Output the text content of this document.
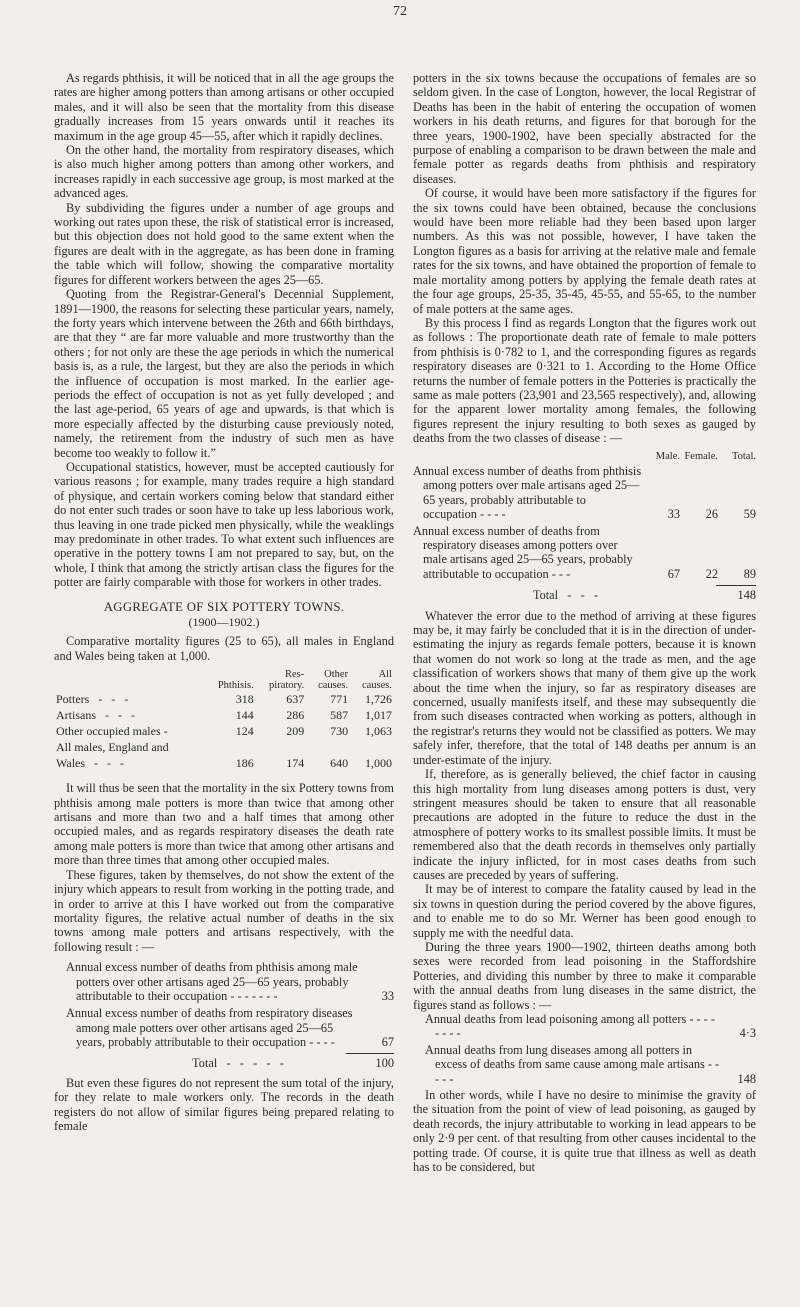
72

As regards phthisis, it will be noticed that in all the age groups the rates are higher among potters than among artisans or other occupied males, and it will also be seen that the mortality from this disease gradually increases from 15 years onwards until it reaches its maximum in the age group 45—55, after which it rapidly declines.

On the other hand, the mortality from respiratory diseases, which is also much higher among potters than among other workers, and increases rapidly in each successive age group, is most marked at the advanced ages.

By subdividing the figures under a number of age groups and working out rates upon these, the risk of statistical error is increased, but this objection does not hold good to the same extent when the figures are dealt with in the aggregate, as has been done in framing the table which will follow, showing the comparative mortality figures for different workers between the ages 25—65.

Quoting from the Registrar-General's Decennial Supplement, 1891—1900, the reasons for selecting these particular years, namely, the forty years which intervene between the 26th and 66th birthdays, are that they “ are far more valuable and more trustworthy than the others ; for not only are these the age periods in which the numerical basis is, as a rule, the largest, but they are also the periods in which the influence of occupation is most marked. In the earlier age-periods the effect of occupation is not as yet fully developed ; and the last age-period, 65 years of age and upwards, is that which is more especially affected by the disturbing cause previously noted, namely, the retirement from the industry of such men as have become too weakly to follow it.”

Occupational statistics, however, must be accepted cautiously for various reasons ; for example, many trades require a high standard of physique, and certain workers coming below that standard either do not enter such trades or soon have to take up less laborious work, thus leaving in one trade picked men physically, while the weaklings may predominate in other trades. To what extent such influences are operative in the pottery towns I am not prepared to say, but, on the whole, I think that among the strictly artisan class the figures for the potter are fairly comparable with those for workers in other trades.

AGGREGATE OF SIX POTTERY TOWNS.
(1900—1902.)

Comparative mortality figures (25 to 65), all males in England and Wales being taken at 1,000.

	Phthisis.	Res-
piratory.	Other
causes.	All
causes.
Potters   -   -   -	318	637	771	1,726
Artisans   -   -   -	144	286	587	1,017
Other occupied males -	124	209	730	1,063
All males, England and				
Wales   -   -   -	186	174	640	1,000

It will thus be seen that the mortality in the six Pottery towns from phthisis among male potters is more than twice that among other artisans and more than two and a half times that among other occupied males, and as regards respiratory diseases the death rate among male potters is more than twice that among other artisans and more than three times that among other occupied males.

These figures, taken by themselves, do not show the extent of the injury which appears to result from working in the potting trade, and in order to arrive at this I have worked out from the comparative mortality figures, the relative actual number of deaths in the six towns among male potters and artisans respectively, with the following result : —

Annual excess number of deaths from phthisis among male potters over other artisans aged 25—65 years, probably attributable to their occupation - - - - - - -	33
Annual excess number of deaths from respiratory diseases among male potters over other artisans aged 25—65 years, probably attributable to their occupation - - - -	67
Total   -   -   -   -   -	100

But even these figures do not represent the sum total of the injury, for they relate to male workers only. The records in the death registers do not allow of similar figures being prepared relating to female

potters in the six towns because the occupations of females are so seldom given. In the case of Longton, however, the local Registrar of Deaths has been in the habit of entering the occupation of women workers in his death returns, and figures for that borough for the three years, 1900-1902, have been specially abstracted for the purpose of enabling a comparison to be drawn between the male and female potter as regards deaths from phthisis and respiratory diseases.

Of course, it would have been more satisfactory if the figures for the six towns could have been obtained, because the conclusions would have been more reliable had they been based upon larger numbers. As this was not possible, however, I have taken the Longton figures as a basis for arriving at the relative male and female rates for the six towns, and have obtained the proportion of female to male mortality among potters by applying the female death rates at the four age groups, 25-35, 35-45, 45-55, and 55-65, to the number of male potters at the same ages.

By this process I find as regards Longton that the figures work out as follows : The proportionate death rate of female to male potters from phthisis is 0·782 to 1, and the corresponding figures as regards respiratory diseases are 0·321 to 1. According to the Home Office returns the number of female potters in the Potteries is practically the same as male potters (23,901 and 23,565 respectively), and, allowing for the apparent lower mortality among females, the following figures represent the injury resulting to both sexes as gauged by deaths from the two classes of disease : —

Male. Female.	Total.
Annual excess number of deaths from phthisis among potters over male artisans aged 25—65 years, probably attributable to occupation - - - -	33	26	59
Annual excess number of deaths from respiratory diseases among potters over male artisans aged 25—65 years, probably attributable to occupation - - -	67	22	89
Total   -   -   -	148

Whatever the error due to the method of arriving at these figures may be, it may fairly be concluded that it is in the direction of under-estimating the injury as regards female potters, because it is known that women do not work so long at the trade as men, and the age classification of workers shows that many of them give up the work about the time when the injury, so far as respiratory diseases are concerned, usually manifests itself, and these may subsequently die from such diseases contracted when working as potters, although in the registrar's returns they would not be classified as potters. We may safely infer, therefore, that the total of 148 deaths per annum is an under-estimate of the injury.

If, therefore, as is generally believed, the chief factor in causing this high mortality from lung diseases among potters is dust, very stringent measures should be taken to ensure that all reasonable precautions are adopted in the future to reduce the dust in the atmosphere of pottery works to its smallest possible limits. It must be remembered also that the death records in themselves only partially indicate the injury inflicted, for in most cases deaths from such causes are preceded by years of suffering.

It may be of interest to compare the fatality caused by lead in the six towns in question during the period covered by the above figures, and to enable me to do so Mr. Werner has been good enough to supply me with the needful data.

During the three years 1900—1902, thirteen deaths among both sexes were recorded from lead poisoning in the Staffordshire Potteries, and dividing this number by three to make it comparable with the annual deaths from lung diseases in the same district, the figures stand as follows : —

Annual deaths from lead poisoning among all potters - - - - - - - -	4·3
Annual deaths from lung diseases among all potters in excess of deaths from same cause among male artisans - - - - -	148

In other words, while I have no desire to minimise the gravity of the situation from the point of view of lead poisoning, as gauged by death records, the injury attributable to working in lead appears to be only 2·9 per cent. of that resulting from other causes incidental to the potting trade. Of course, it is quite true that illness as well as death has to be considered, but
